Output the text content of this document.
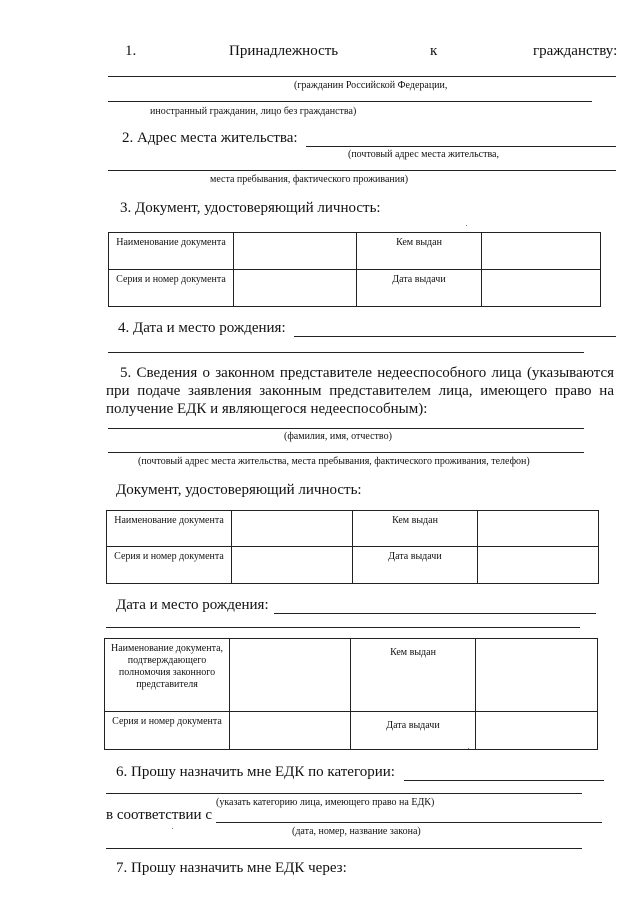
1.	Принадлежность	к	гражданству:
(гражданин Российской Федерации,
иностранный гражданин, лицо без гражданства)
2. Адрес места жительства:
(почтовый адрес места жительства,
места пребывания, фактического проживания)
3. Документ, удостоверяющий личность:
Наименование документа		Кем выдан	
Серия и номер документа		Дата выдачи	
4. Дата и место рождения:
5. Сведения о законном представителе недееспособного лица (указываются при подаче заявления законным представителем лица, имеющего право на получение ЕДК и являющегося недееспособным):
(фамилия, имя, отчество)
(почтовый адрес места жительства, места пребывания, фактического проживания, телефон)
Документ, удостоверяющий личность:
Наименование документа		Кем выдан	
Серия и номер документа		Дата выдачи	
Дата и место рождения:
Наименование документа, подтверждающего полномочия законного представителя		Кем выдан	
Серия и номер документа		Дата выдачи	
6. Прошу назначить мне ЕДК по категории:
(указать категорию лица, имеющего право на ЕДК)
в соответствии с
(дата, номер, название закона)
7. Прошу назначить мне ЕДК через:
